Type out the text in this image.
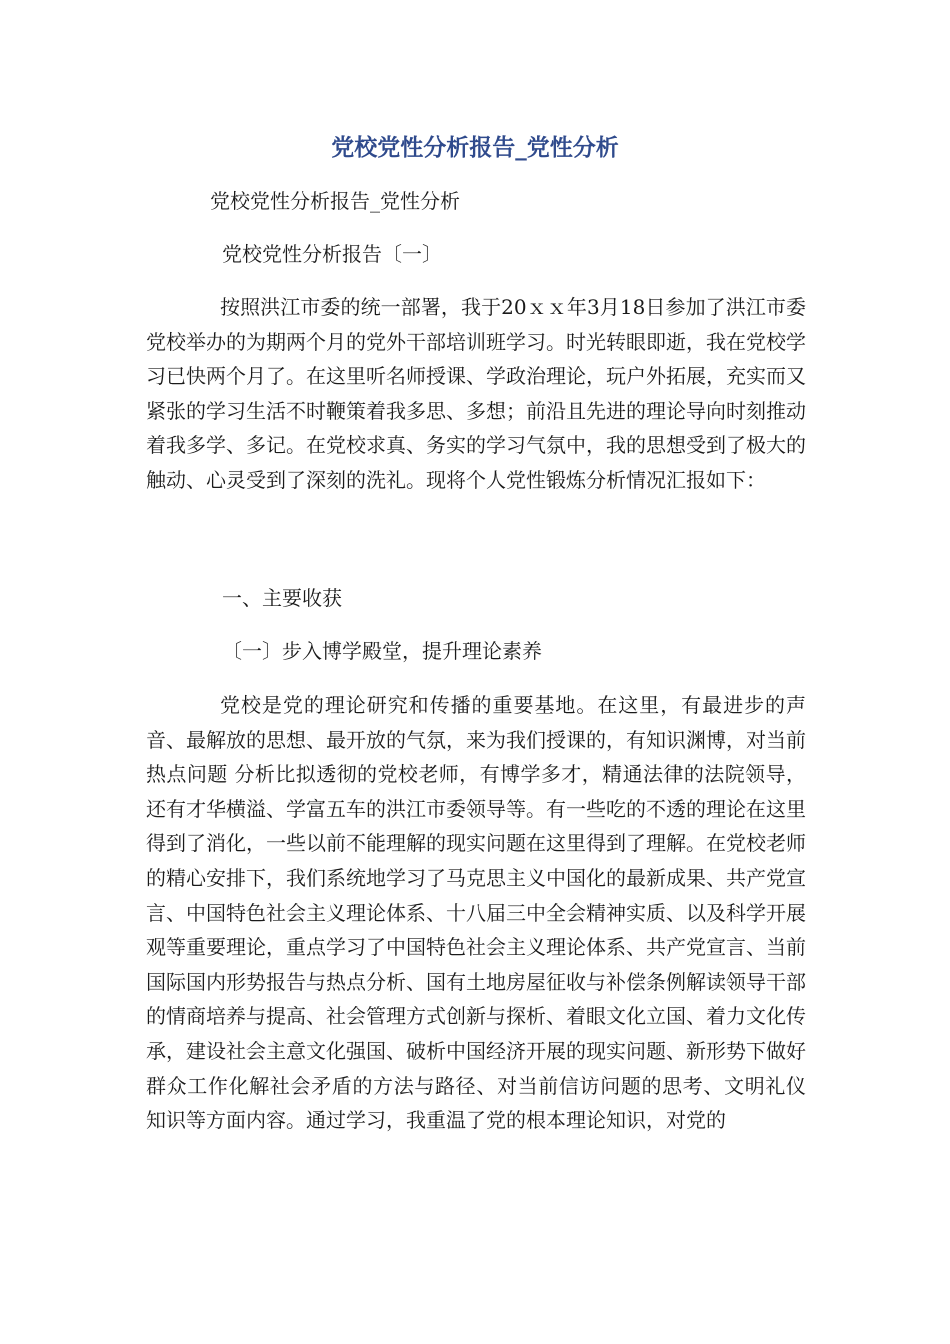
党校党性分析报告_党性分析
党校党性分析报告_党性分析
党校党性分析报告〔一〕
按照洪江市委的统一部署，我于20ｘｘ年3月18日参加了洪江市委党校举办的为期两个月的党外干部培训班学习。时光转眼即逝，我在党校学习已快两个月了。在这里听名师授课、学政治理论，玩户外拓展，充实而又紧张的学习生活不时鞭策着我多思、多想；前沿且先进的理论导向时刻推动着我多学、多记。在党校求真、务实的学习气氛中，我的思想受到了极大的触动、心灵受到了深刻的洗礼。现将个人党性锻炼分析情况汇报如下：
一、主要收获
〔一〕步入博学殿堂，提升理论素养
党校是党的理论研究和传播的重要基地。在这里，有最进步的声音、最解放的思想、最开放的气氛，来为我们授课的，有知识渊博，对当前热点问题 分析比拟透彻的党校老师，有博学多才，精通法律的法院领导，还有才华横溢、学富五车的洪江市委领导等。有一些吃的不透的理论在这里得到了消化，一些以前不能理解的现实问题在这里得到了理解。在党校老师的精心安排下，我们系统地学习了马克思主义中国化的最新成果、共产党宣言、中国特色社会主义理论体系、十八届三中全会精神实质、以及科学开展观等重要理论，重点学习了中国特色社会主义理论体系、共产党宣言、当前国际国内形势报告与热点分析、国有土地房屋征收与补偿条例解读领导干部的情商培养与提高、社会管理方式创新与探析、着眼文化立国、着力文化传承，建设社会主意文化强国、破析中国经济开展的现实问题、新形势下做好群众工作化解社会矛盾的方法与路径、对当前信访问题的思考、文明礼仪 知识等方面内容。通过学习，我重温了党的根本理论知识，对党的
